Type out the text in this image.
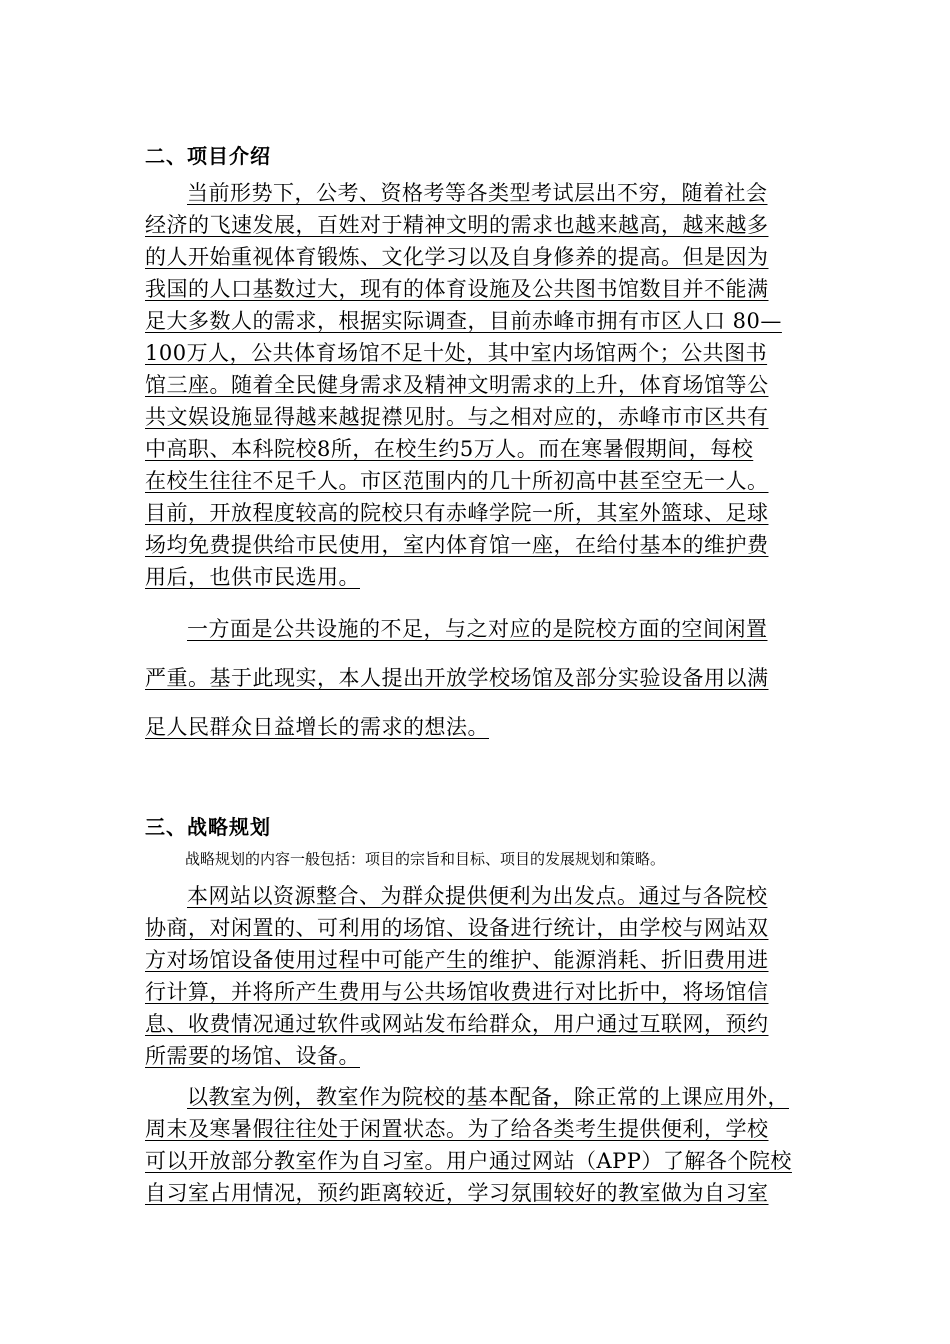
二、项目介绍
当前形势下，公考、资格考等各类型考试层出不穷，随着社会
经济的飞速发展，百姓对于精神文明的需求也越来越高，越来越多
的人开始重视体育锻炼、文化学习以及自身修养的提高。但是因为
我国的人口基数过大，现有的体育设施及公共图书馆数目并不能满
足大多数人的需求，根据实际调查，目前赤峰市拥有市区人口 80—
100万人，公共体育场馆不足十处，其中室内场馆两个；公共图书
馆三座。随着全民健身需求及精神文明需求的上升，体育场馆等公
共文娱设施显得越来越捉襟见肘。与之相对应的，赤峰市市区共有
中高职、本科院校8所，在校生约5万人。而在寒暑假期间，每校
在校生往往不足千人。市区范围内的几十所初高中甚至空无一人。
目前，开放程度较高的院校只有赤峰学院一所，其室外篮球、足球
场均免费提供给市民使用，室内体育馆一座，在给付基本的维护费
用后，也供市民选用。
一方面是公共设施的不足，与之对应的是院校方面的空间闲置
严重。基于此现实，本人提出开放学校场馆及部分实验设备用以满
足人民群众日益增长的需求的想法。
三、战略规划
战略规划的内容一般包括：项目的宗旨和目标、项目的发展规划和策略。
本网站以资源整合、为群众提供便利为出发点。通过与各院校
协商，对闲置的、可利用的场馆、设备进行统计，由学校与网站双
方对场馆设备使用过程中可能产生的维护、能源消耗、折旧费用进
行计算，并将所产生费用与公共场馆收费进行对比折中，将场馆信
息、收费情况通过软件或网站发布给群众，用户通过互联网，预约
所需要的场馆、设备。
以教室为例，教室作为院校的基本配备，除正常的上课应用外，
周末及寒暑假往往处于闲置状态。为了给各类考生提供便利，学校
可以开放部分教室作为自习室。用户通过网站（APP）了解各个院校
自习室占用情况，预约距离较近，学习氛围较好的教室做为自习室
